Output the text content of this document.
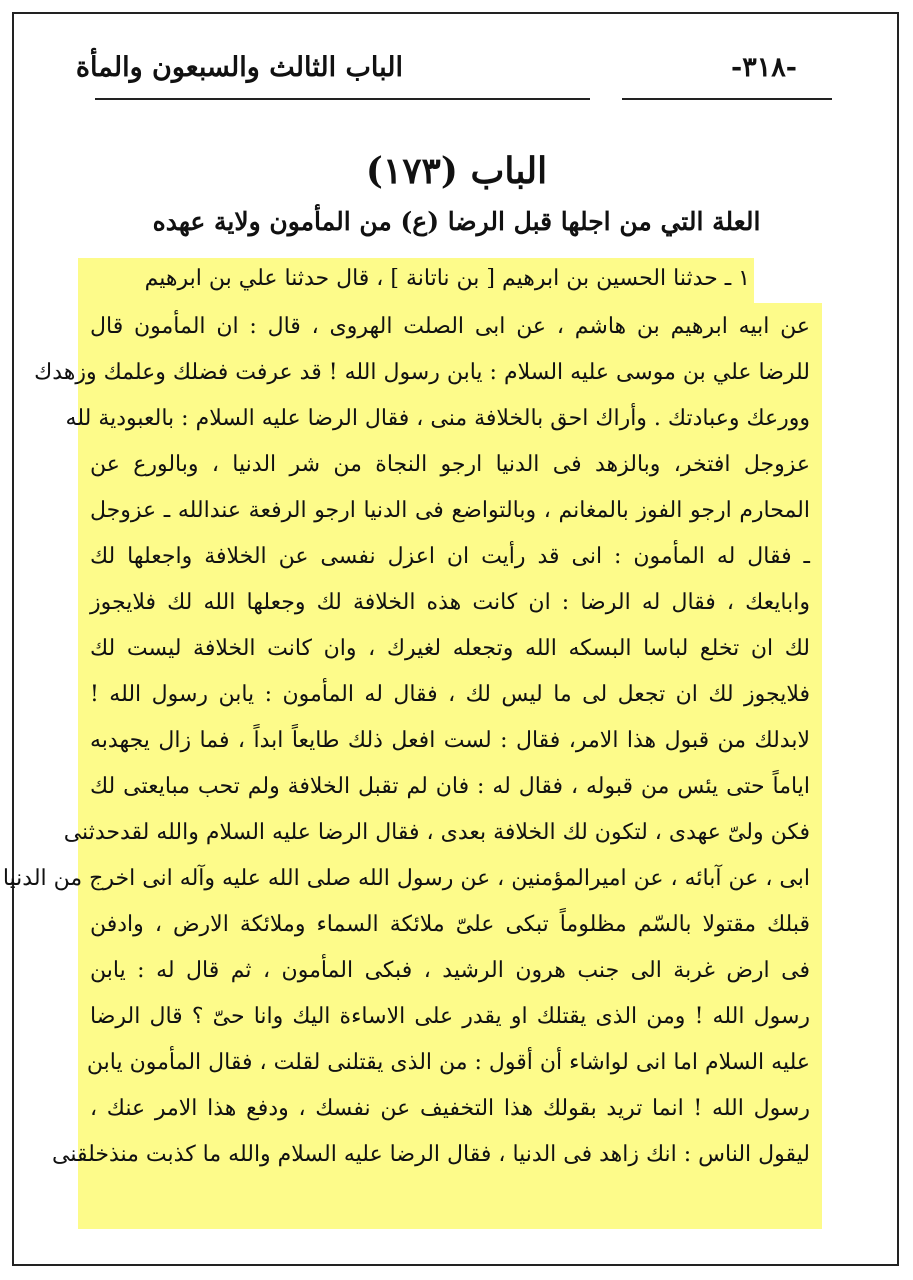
-٣١٨-
الباب الثالث والسبعون والمأة
الباب (١٧٣)
العلة التي من اجلها قبل الرضا (ع) من المأمون ولاية عهده
١ ـ حدثنا الحسين بن ابرهيم [ بن ناتانة ] ، قال حدثنا علي بن ابرهيم
عن ابيه ابرهيم بن هاشم ، عن ابى الصلت الهروى ، قال : ان المأمون قال
للرضا علي بن موسى عليه السلام : يابن رسول الله ! قد عرفت فضلك وعلمك وزهدك
وورعك وعبادتك . وأراك احق بالخلافة منى ، فقال الرضا عليه السلام : بالعبودية لله
عزوجل افتخر، وبالزهد فى الدنيا ارجو النجاة من شر الدنيا ، وبالورع عن
المحارم ارجو الفوز بالمغانم ، وبالتواضع فى الدنيا ارجو الرفعة عندالله ـ عزوجل
ـ فقال له المأمون : انى قد رأيت ان اعزل نفسى عن الخلافة واجعلها لك
وابايعك ، فقال له الرضا : ان كانت هذه الخلافة لك وجعلها الله لك فلايجوز
لك ان تخلع لباسا البسكه الله وتجعله لغيرك ، وان كانت الخلافة ليست لك
فلايجوز لك ان تجعل لى ما ليس لك ، فقال له المأمون : يابن رسول الله !
لابدلك من قبول هذا الامر، فقال : لست افعل ذلك طايعاً ابداً ، فما زال يجهدبه
اياماً حتى يئس من قبوله ، فقال له : فان لم تقبل الخلافة ولم تحب مبايعتى لك
فكن ولىّ عهدى ، لتكون لك الخلافة بعدى ، فقال الرضا عليه السلام والله لقدحدثنى
ابى ، عن آبائه ، عن اميرالمؤمنين ، عن رسول الله صلى الله عليه وآله انى اخرج من الدنيا
قبلك مقتولا بالسّم مظلوماً تبكى علىّ ملائكة السماء وملائكة الارض ، وادفن
فى ارض غربة الى جنب هرون الرشيد ، فبكى المأمون ، ثم قال له : يابن
رسول الله ! ومن الذى يقتلك او يقدر على الاساءة اليك وانا حىّ ؟ قال الرضا
عليه السلام اما انى لواشاء أن أقول : من الذى يقتلنى لقلت ، فقال المأمون يابن
رسول الله ! انما تريد بقولك هذا التخفيف عن نفسك ، ودفع هذا الامر عنك ،
ليقول الناس : انك زاهد فى الدنيا ، فقال الرضا عليه السلام والله ما كذبت منذخلقنى
